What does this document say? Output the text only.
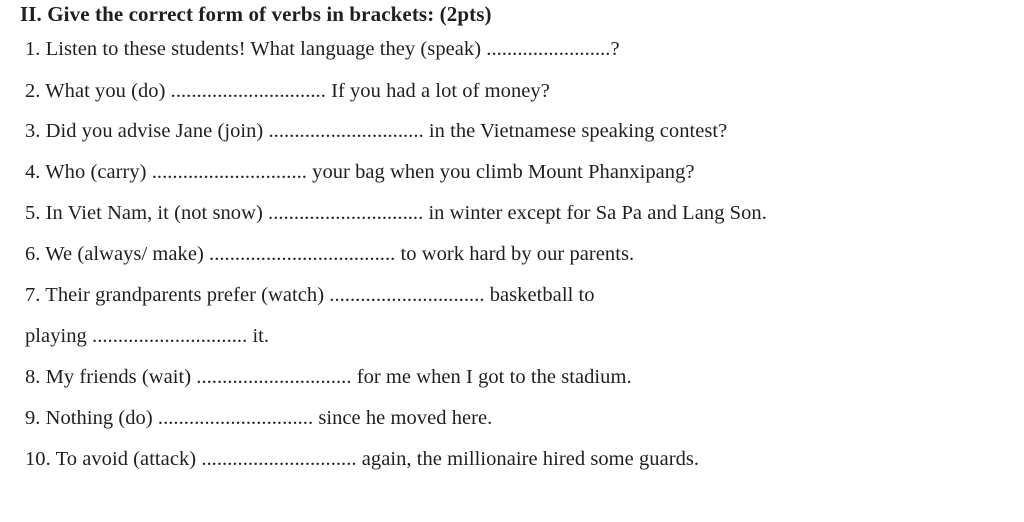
II. Give the correct form of verbs in brackets: (2pts)
1. Listen to these students! What language they (speak) ........................?
2. What you (do) .............................. If you had a lot of money?
3. Did you advise Jane (join) .............................. in the Vietnamese speaking contest?
4. Who (carry) .............................. your bag when you climb Mount Phanxipang?
5. In Viet Nam, it (not snow) .............................. in winter except for Sa Pa and Lang Son.
6. We (always/ make) .................................... to work hard by our parents.
7. Their grandparents prefer (watch) .............................. basketball to
playing .............................. it.
8. My friends (wait) .............................. for me when I got to the stadium.
9. Nothing (do) .............................. since he moved here.
10. To avoid (attack) .............................. again, the millionaire hired some guards.
